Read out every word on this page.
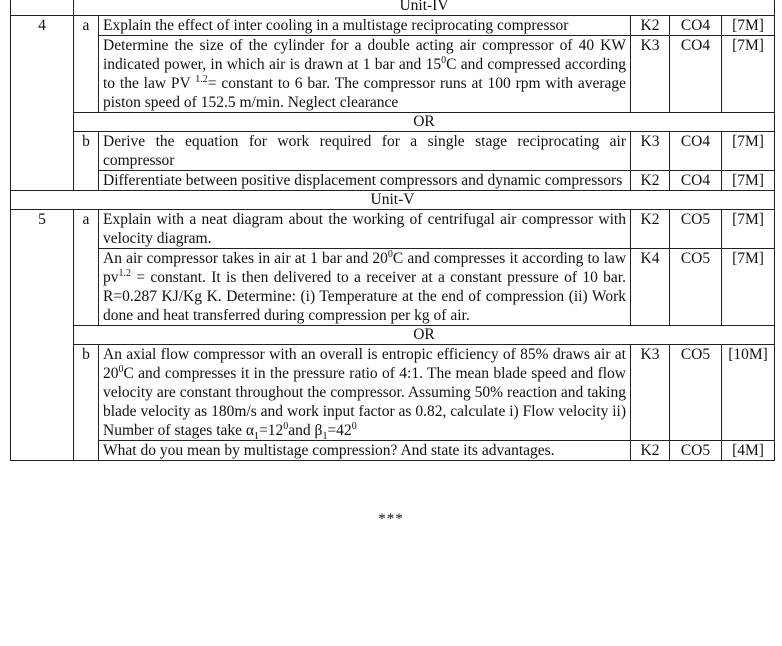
	Unit-IV				
4	a	Explain the effect of inter cooling in a multistage reciprocating compressor	K2	CO4	[7M]
		Determine the size of the cylinder for a double acting air compressor of 40 KW indicated power, in which air is drawn at 1 bar and $15^0C$ and compressed according to the law PV $^{1.2}$= constant to 6 bar. The compressor runs at 100 rpm with average piston speed of 152.5 m/min. Neglect clearance	K3	CO4	[7M]
	OR				
	b	Derive the equation for work required for a single stage reciprocating air compressor	K3	CO4	[7M]
		Differentiate between positive displacement compressors and dynamic compressors	K2	CO4	[7M]
Unit-V					
5	a	Explain with a neat diagram about the working of centrifugal air compressor with velocity diagram.	K2	CO5	[7M]
		An air compressor takes in air at 1 bar and $20^0C$ and compresses it according to law $pv^{1.2}$ = constant. It is then delivered to a receiver at a constant pressure of 10 bar. R=0.287 KJ/Kg K. Determine: (i) Temperature at the end of compression (ii) Work done and heat transferred during compression per kg of air.	K4	CO5	[7M]
	OR				
	b	An axial flow compressor with an overall is entropic efficiency of 85% draws air at $20^0C$ and compresses it in the pressure ratio of 4:1. The mean blade speed and flow velocity are constant throughout the compressor. Assuming 50% reaction and taking blade velocity as 180m/s and work input factor as 0.82, calculate i) Flow velocity ii) Number of stages take $\alpha_1=12^0and$ $\beta_1=42^0$	K3	CO5	[10M]
		What do you mean by multistage compression? And state its advantages.	K2	CO5	[4M]
***
